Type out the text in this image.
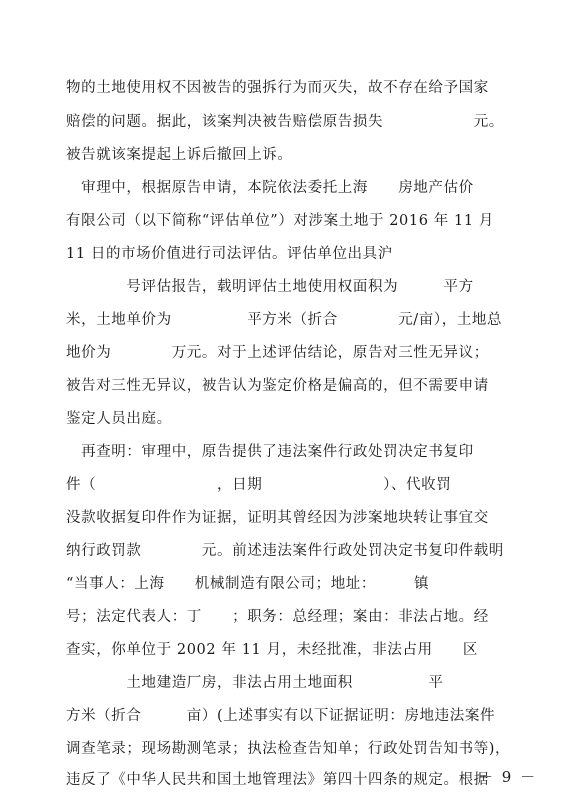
物的土地使用权不因被告的强拆行为而灭失，故不存在给予国家
赔偿的问题。据此，该案判决被告赔偿原告损失　　　　　　元。
被告就该案提起上诉后撤回上诉。
　审理中，根据原告申请，本院依法委托上海　　房地产估价
有限公司（以下简称“评估单位”）对涉案土地于 2016 年 11 月
11 日的市场价值进行司法评估。评估单位出具沪
　　　　号评估报告，载明评估土地使用权面积为　　　平方
米，土地单价为　　　　　平方米（折合　　　　元/亩），土地总
地价为　　　　万元。对于上述评估结论，原告对三性无异议；
被告对三性无异议，被告认为鉴定价格是偏高的，但不需要申请
鉴定人员出庭。
　再查明：审理中，原告提供了违法案件行政处罚决定书复印
件（　　　　　　　　，日期　　　　　　　　）、代收罚
没款收据复印件作为证据，证明其曾经因为涉案地块转让事宜交
纳行政罚款　　　　元。前述违法案件行政处罚决定书复印件载明
“当事人：上海　　机械制造有限公司；地址：　　　镇
号；法定代表人：丁　　；职务：总经理；案由：非法占地。经
查实，你单位于 2002 年 11 月，未经批准，非法占用　　区
　　　　土地建造厂房，非法占用土地面积　　　　　平
方米（折合　　　亩）(上述事实有以下证据证明：房地违法案件
调查笔录；现场勘测笔录；执法检查告知单；行政处罚告知书等)，
违反了《中华人民共和国土地管理法》第四十四条的规定。根据
－ 9 －
